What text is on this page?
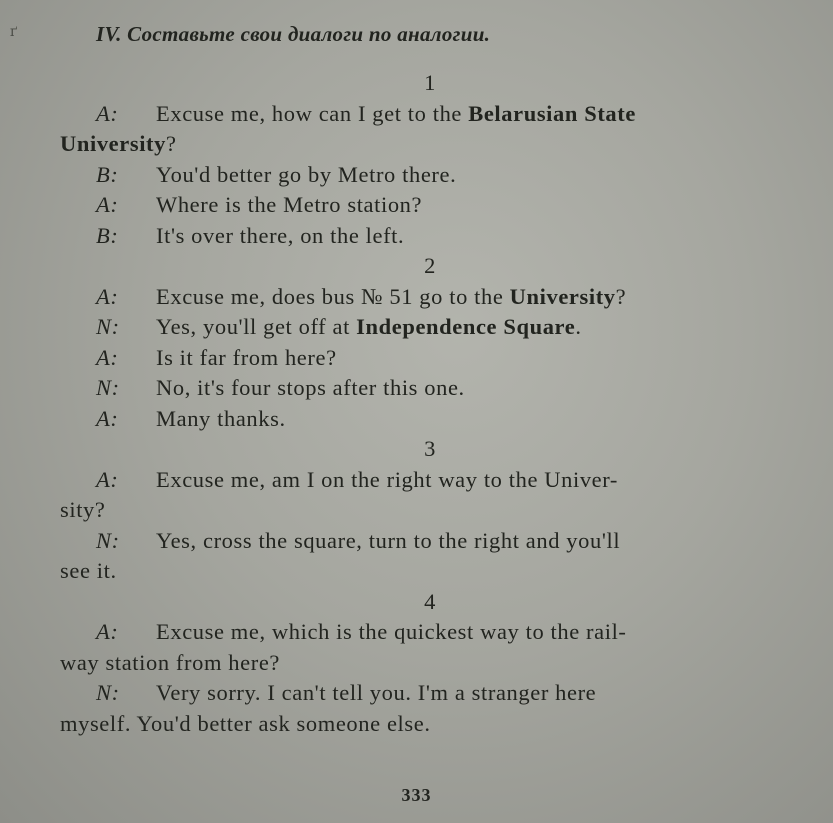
ґ	IV. Составьте свои диалоги по аналогии.
1
A: Excuse me, how can I get to the Belarusian State
University?
B: You'd better go by Metro there.
A: Where is the Metro station?
B: It's over there, on the left.
2
A: Excuse me, does bus № 51 go to the University?
N: Yes, you'll get off at Independence Square.
A: Is it far from here?
N: No, it's four stops after this one.
A: Many thanks.
3
A: Excuse me, am I on the right way to the Univer-
sity?
N: Yes, cross the square, turn to the right and you'll
see it.
4
A: Excuse me, which is the quickest way to the rail-
way station from here?
N: Very sorry. I can't tell you. I'm a stranger here
myself. You'd better ask someone else.
333
